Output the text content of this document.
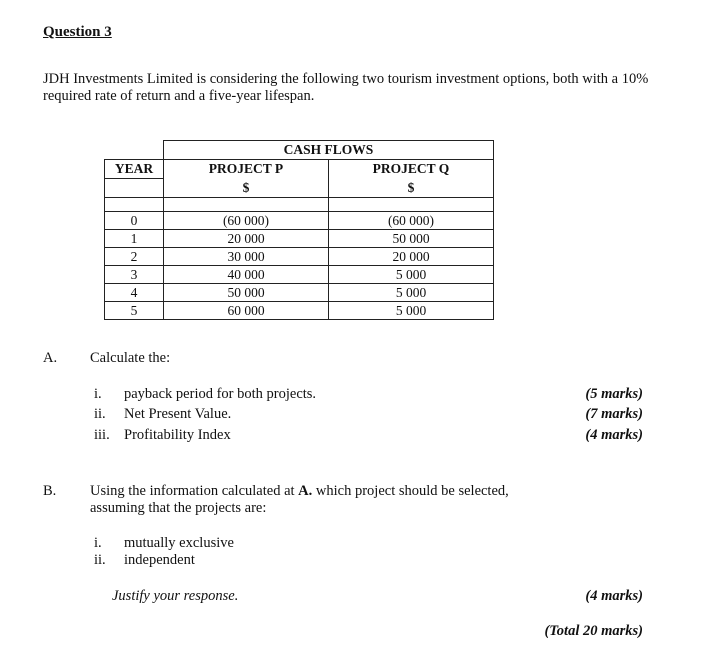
Question 3
JDH Investments Limited is considering the following two tourism investment options, both with a 10% required rate of return and a five-year lifespan.
	CASH FLOWS	
YEAR	PROJECT P	PROJECT Q
	$	$

0	(60 000)	(60 000)
1	20 000	50 000
2	30 000	20 000
3	40 000	5 000
4	50 000	5 000
5	60 000	5 000
A. Calculate the:
i. payback period for both projects.	(5 marks)
ii. Net Present Value.	(7 marks)
iii. Profitability Index	(4 marks)
B. Using the information calculated at A. which project should be selected,
assuming that the projects are:
i. mutually exclusive
ii. independent
Justify your response.	(4 marks)
(Total 20 marks)
